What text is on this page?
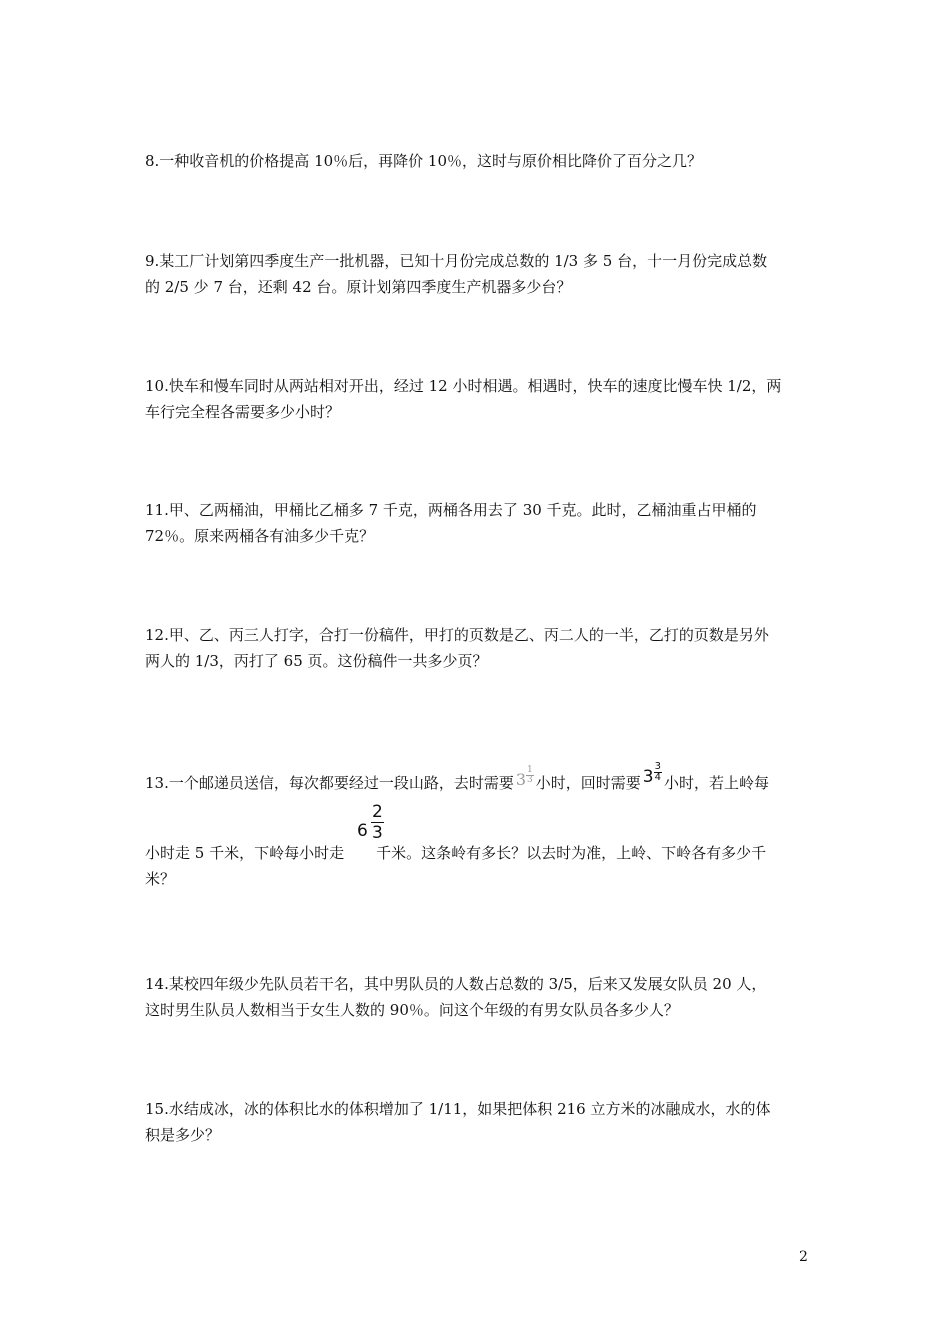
8.一种收音机的价格提高 10％后，再降价 10％，这时与原价相比降价了百分之几？
9.某工厂计划第四季度生产一批机器，已知十月份完成总数的 1/3 多 5 台，十一月份完成总数
的 2/5 少 7 台，还剩 42 台。原计划第四季度生产机器多少台？
10.快车和慢车同时从两站相对开出，经过 12 小时相遇。相遇时，快车的速度比慢车快 1/2，两
车行完全程各需要多少小时？
11.甲、乙两桶油，甲桶比乙桶多 7 千克，两桶各用去了 30 千克。此时，乙桶油重占甲桶的
72％。原来两桶各有油多少千克？
12.甲、乙、丙三人打字，合打一份稿件，甲打的页数是乙、丙二人的一半，乙打的页数是另外
两人的 1/3，丙打了 65 页。这份稿件一共多少页？
13.一个邮递员送信，每次都要经过一段山路，去时需要 $3 \frac{1}{3}$ 小时，回时需要 $3 \frac{3}{4}$ 小时，若上岭每
小时走 5 千米，下岭每小时走 千米。这条岭有多长？以去时为准，上岭、下岭各有多少千
$6 \frac{2}{3}$
米？
14.某校四年级少先队员若干名，其中男队员的人数占总数的 3/5，后来又发展女队员 20 人，
这时男生队员人数相当于女生人数的 90％。问这个年级的有男女队员各多少人？
15.水结成冰，冰的体积比水的体积增加了 1/11，如果把体积 216 立方米的冰融成水，水的体
积是多少？
2
